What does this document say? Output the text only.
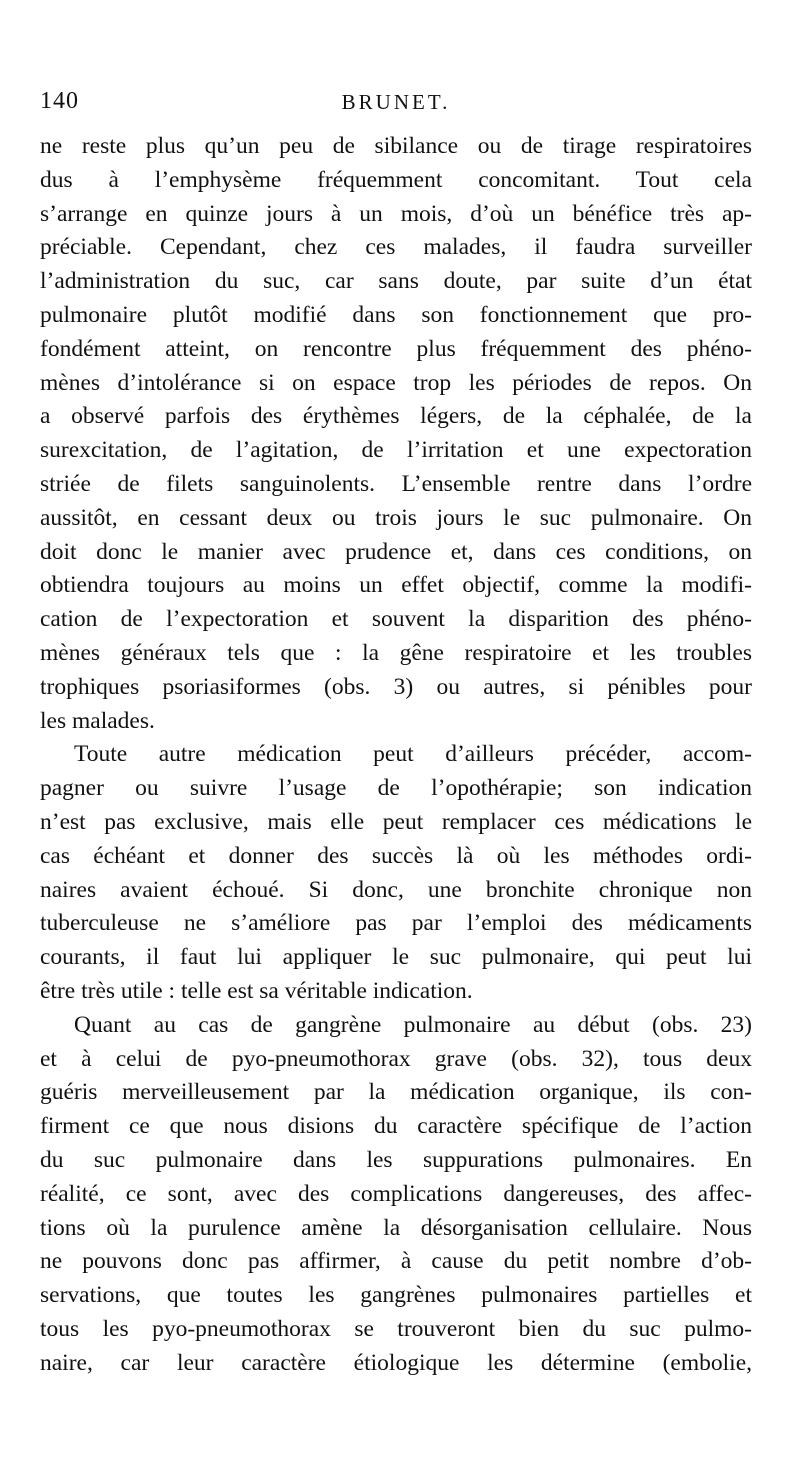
140	BRUNET.
ne reste plus qu’un peu de sibilance ou de tirage respiratoires
dus à l’emphysème fréquemment concomitant. Tout cela
s’arrange en quinze jours à un mois, d’où un bénéfice très ap-
préciable. Cependant, chez ces malades, il faudra surveiller
l’administration du suc, car sans doute, par suite d’un état
pulmonaire plutôt modifié dans son fonctionnement que pro-
fondément atteint, on rencontre plus fréquemment des phéno-
mènes d’intolérance si on espace trop les périodes de repos. On
a observé parfois des érythèmes légers, de la céphalée, de la
surexcitation, de l’agitation, de l’irritation et une expectoration
striée de filets sanguinolents. L’ensemble rentre dans l’ordre
aussitôt, en cessant deux ou trois jours le suc pulmonaire. On
doit donc le manier avec prudence et, dans ces conditions, on
obtiendra toujours au moins un effet objectif, comme la modifi-
cation de l’expectoration et souvent la disparition des phéno-
mènes généraux tels que : la gêne respiratoire et les troubles
trophiques psoriasiformes (obs. 3) ou autres, si pénibles pour
les malades.
Toute autre médication peut d’ailleurs précéder, accom-
pagner ou suivre l’usage de l’opothérapie; son indication
n’est pas exclusive, mais elle peut remplacer ces médications le
cas échéant et donner des succès là où les méthodes ordi-
naires avaient échoué. Si donc, une bronchite chronique non
tuberculeuse ne s’améliore pas par l’emploi des médicaments
courants, il faut lui appliquer le suc pulmonaire, qui peut lui
être très utile : telle est sa véritable indication.
Quant au cas de gangrène pulmonaire au début (obs. 23)
et à celui de pyo-pneumothorax grave (obs. 32), tous deux
guéris merveilleusement par la médication organique, ils con-
firment ce que nous disions du caractère spécifique de l’action
du suc pulmonaire dans les suppurations pulmonaires. En
réalité, ce sont, avec des complications dangereuses, des affec-
tions où la purulence amène la désorganisation cellulaire. Nous
ne pouvons donc pas affirmer, à cause du petit nombre d’ob-
servations, que toutes les gangrènes pulmonaires partielles et
tous les pyo-pneumothorax se trouveront bien du suc pulmo-
naire, car leur caractère étiologique les détermine (embolie,
